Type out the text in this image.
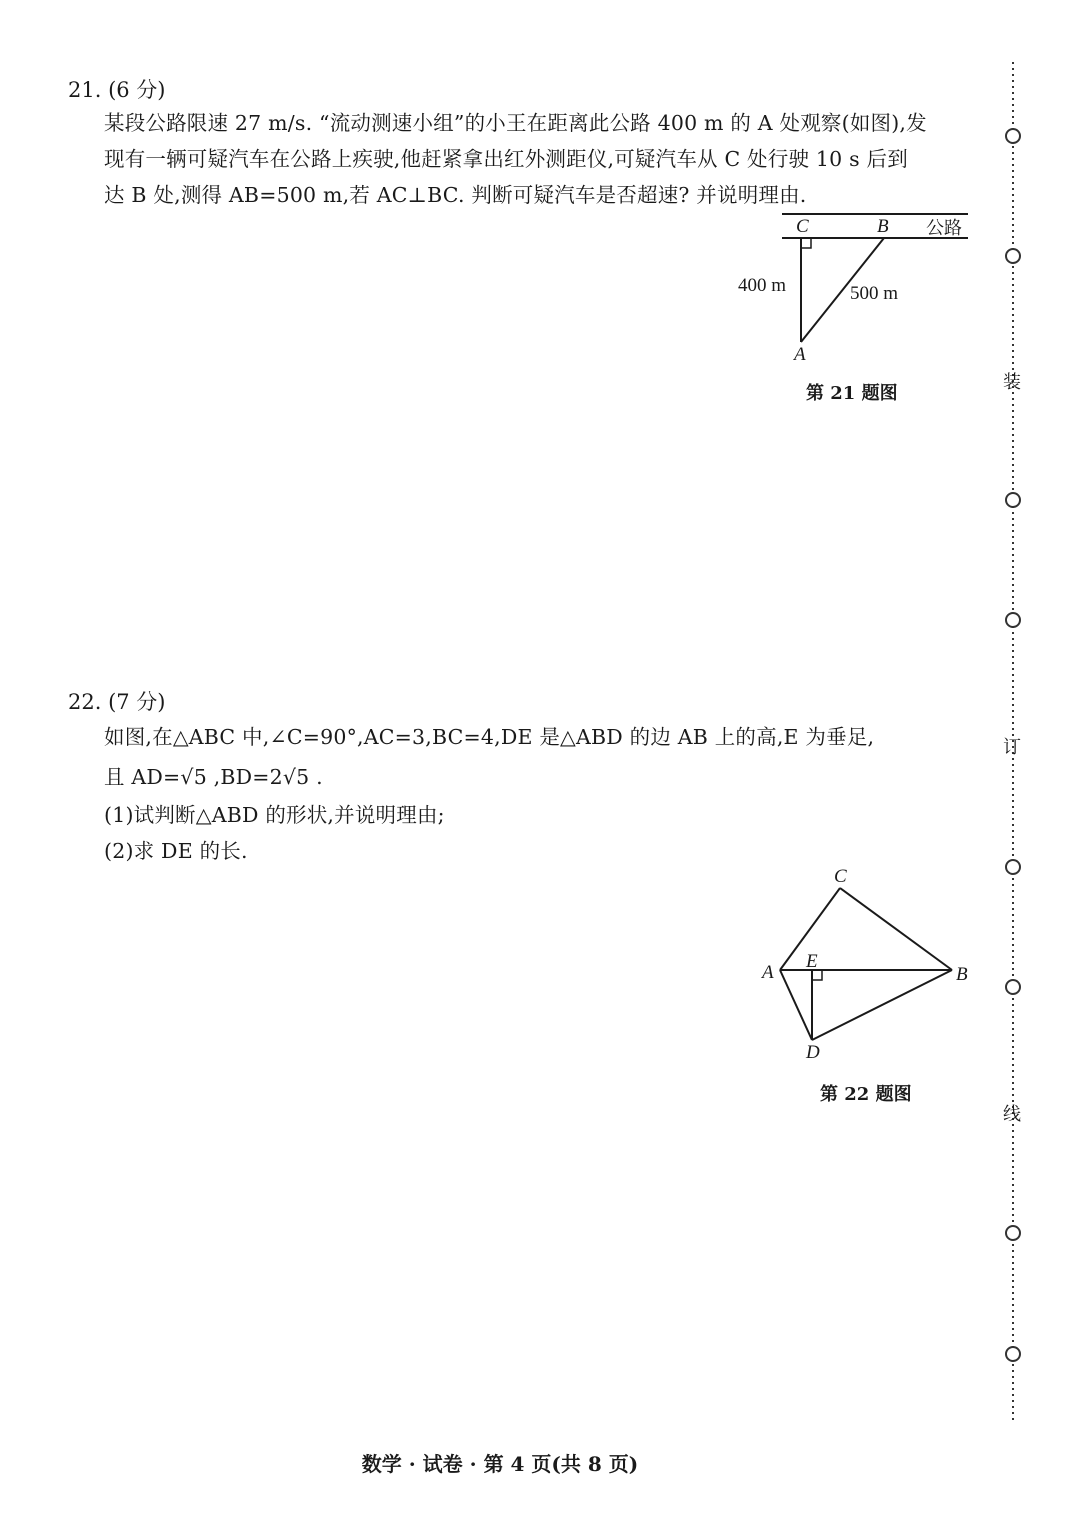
21. (6 分)
某段公路限速 27 m/s. “流动测速小组”的小王在距离此公路 400 m 的 A 处观察(如图),发
现有一辆可疑汽车在公路上疾驶,他赶紧拿出红外测距仪,可疑汽车从 C 处行驶 10 s 后到
达 B 处,测得 AB=500 m,若 AC⊥BC. 判断可疑汽车是否超速? 并说明理由.
22. (7 分)
如图,在△ABC 中,∠C=90°,AC=3,BC=4,DE 是△ABD 的边 AB 上的高,E 为垂足,
且 AD=√5 ,BD=2√5 .
(1)试判断△ABD 的形状,并说明理由;
(2)求 DE 的长.
C	B 公路
400 m	500 m
A
第 21 题图
C
A
E
B
D
第 22 题图
装
订
线
数学 · 试卷 · 第 4 页(共 8 页)
